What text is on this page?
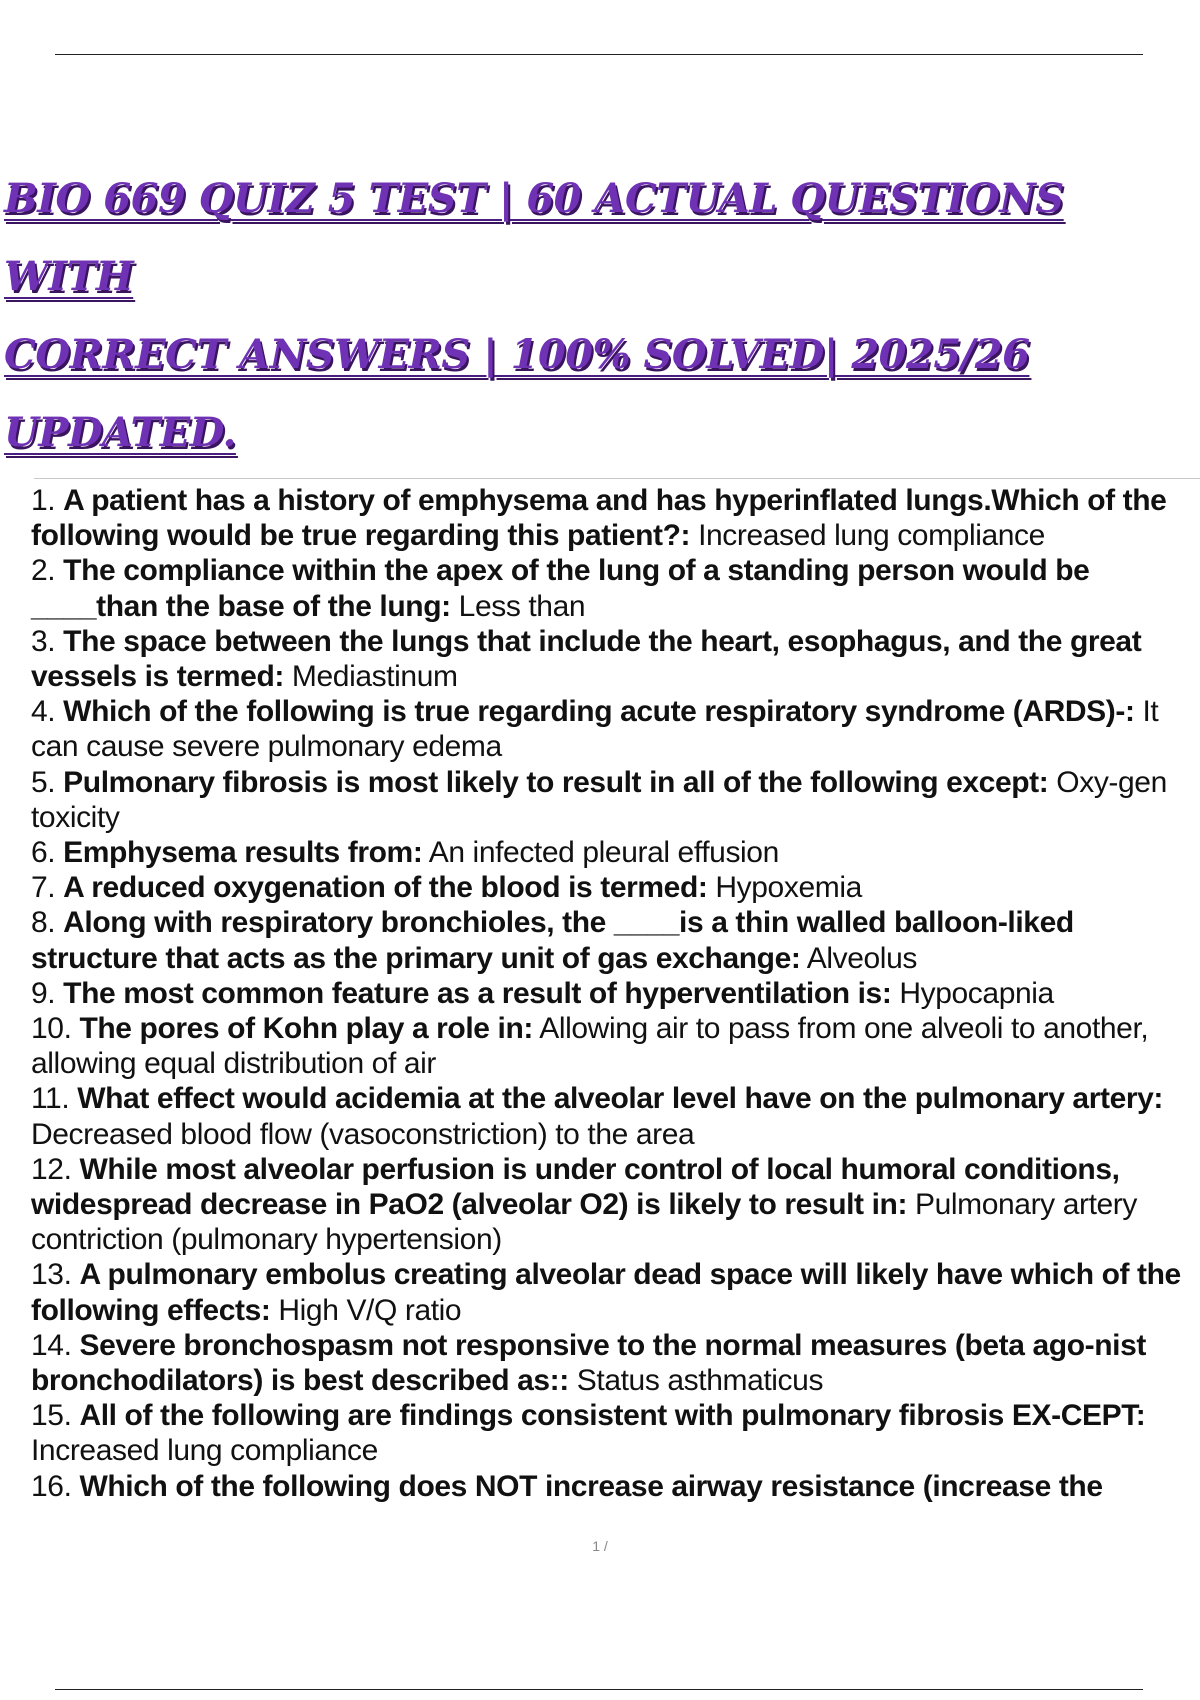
BIO 669 QUIZ 5 TEST | 60 ACTUAL QUESTIONS WITH
CORRECT ANSWERS | 100% SOLVED| 2025/26
UPDATED.

1. A patient has a history of emphysema and has hyperinflated lungs.Which of the following would be true regarding this patient?: Increased lung compliance

2. The compliance within the apex of the lung of a standing person would be ____than the base of the lung: Less than

3. The space between the lungs that include the heart, esophagus, and the great vessels is termed: Mediastinum

4. Which of the following is true regarding acute respiratory syndrome (ARDS)-: It can cause severe pulmonary edema

5. Pulmonary fibrosis is most likely to result in all of the following except: Oxy-gen toxicity

6. Emphysema results from: An infected pleural effusion

7. A reduced oxygenation of the blood is termed: Hypoxemia

8. Along with respiratory bronchioles, the ____is a thin walled balloon-liked structure that acts as the primary unit of gas exchange: Alveolus

9. The most common feature as a result of hyperventilation is: Hypocapnia

10. The pores of Kohn play a role in: Allowing air to pass from one alveoli to another, allowing equal distribution of air

11. What effect would acidemia at the alveolar level have on the pulmonary artery: Decreased blood flow (vasoconstriction) to the area

12. While most alveolar perfusion is under control of local humoral conditions, widespread decrease in PaO2 (alveolar O2) is likely to result in: Pulmonary artery contriction (pulmonary hypertension)

13. A pulmonary embolus creating alveolar dead space will likely have which of the following effects: High V/Q ratio

14. Severe bronchospasm not responsive to the normal measures (beta ago-nist bronchodilators) is best described as:: Status asthmaticus

15. All of the following are findings consistent with pulmonary fibrosis EX-CEPT: Increased lung compliance

16. Which of the following does NOT increase airway resistance (increase the

1 /
